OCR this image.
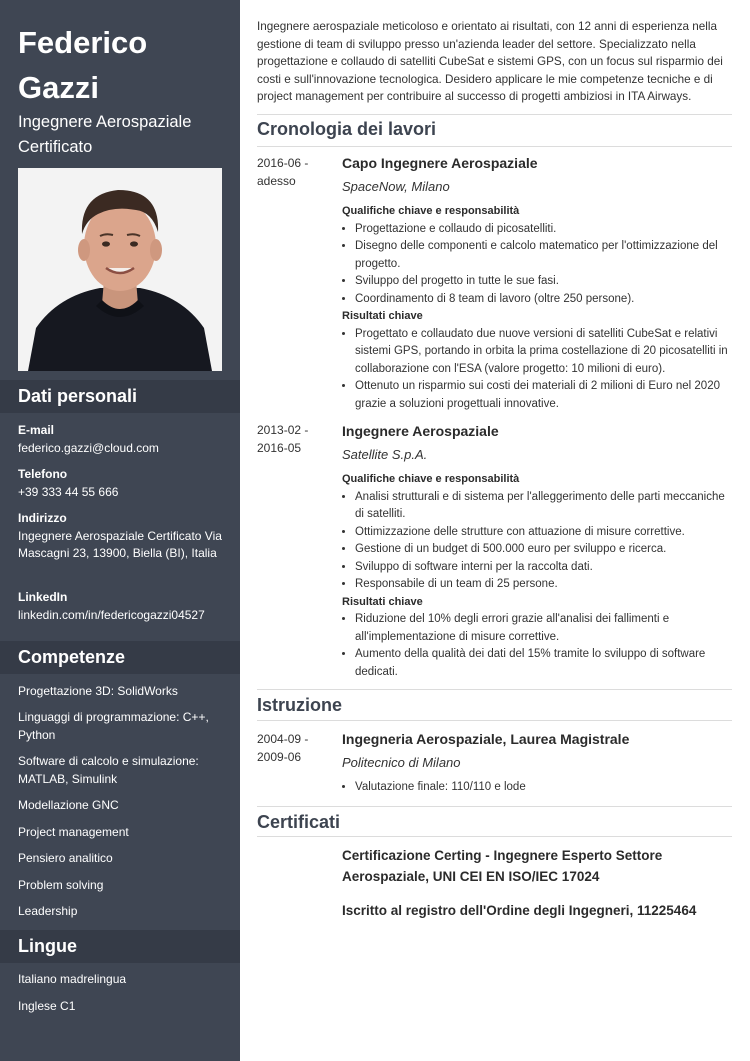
Federico
Gazzi
Ingegnere Aerospaziale Certificato
Dati personali
E-mail
federico.gazzi@cloud.com
Telefono
+39 333 44 55 666
Indirizzo
Ingegnere Aerospaziale Certificato Via Mascagni 23, 13900, Biella (BI), Italia
LinkedIn
linkedin.com/in/federicogazzi04527
Competenze
Progettazione 3D: SolidWorks
Linguaggi di programmazione: C++, Python
Software di calcolo e simulazione: MATLAB, Simulink
Modellazione GNC
Project management
Pensiero analitico
Problem solving
Leadership
Lingue
Italiano madrelingua
Inglese C1
Ingegnere aerospaziale meticoloso e orientato ai risultati, con 12 anni di esperienza nella gestione di team di sviluppo presso un'azienda leader del settore. Specializzato nella progettazione e collaudo di satelliti CubeSat e sistemi GPS, con un focus sul risparmio dei costi e sull'innovazione tecnologica. Desidero applicare le mie competenze tecniche e di project management per contribuire al successo di progetti ambiziosi in ITA Airways.
Cronologia dei lavori
2016-06 - adesso
Capo Ingegnere Aerospaziale
SpaceNow, Milano
Qualifiche chiave e responsabilità
• Progettazione e collaudo di picosatelliti.
• Disegno delle componenti e calcolo matematico per l'ottimizzazione del progetto.
• Sviluppo del progetto in tutte le sue fasi.
• Coordinamento di 8 team di lavoro (oltre 250 persone).
Risultati chiave
• Progettato e collaudato due nuove versioni di satelliti CubeSat e relativi sistemi GPS, portando in orbita la prima costellazione di 20 picosatelliti in collaborazione con l'ESA (valore progetto: 10 milioni di euro).
• Ottenuto un risparmio sui costi dei materiali di 2 milioni di Euro nel 2020 grazie a soluzioni progettuali innovative.
2013-02 - 2016-05
Ingegnere Aerospaziale
Satellite S.p.A.
Qualifiche chiave e responsabilità
• Analisi strutturali e di sistema per l'alleggerimento delle parti meccaniche di satelliti.
• Ottimizzazione delle strutture con attuazione di misure correttive.
• Gestione di un budget di 500.000 euro per sviluppo e ricerca.
• Sviluppo di software interni per la raccolta dati.
• Responsabile di un team di 25 persone.
Risultati chiave
• Riduzione del 10% degli errori grazie all'analisi dei fallimenti e all'implementazione di misure correttive.
• Aumento della qualità dei dati del 15% tramite lo sviluppo di software dedicati.
Istruzione
2004-09 - 2009-06
Ingegneria Aerospaziale, Laurea Magistrale
Politecnico di Milano
• Valutazione finale: 110/110 e lode
Certificati
Certificazione Certing - Ingegnere Esperto Settore Aerospaziale, UNI CEI EN ISO/IEC 17024
Iscritto al registro dell'Ordine degli Ingegneri, 11225464
